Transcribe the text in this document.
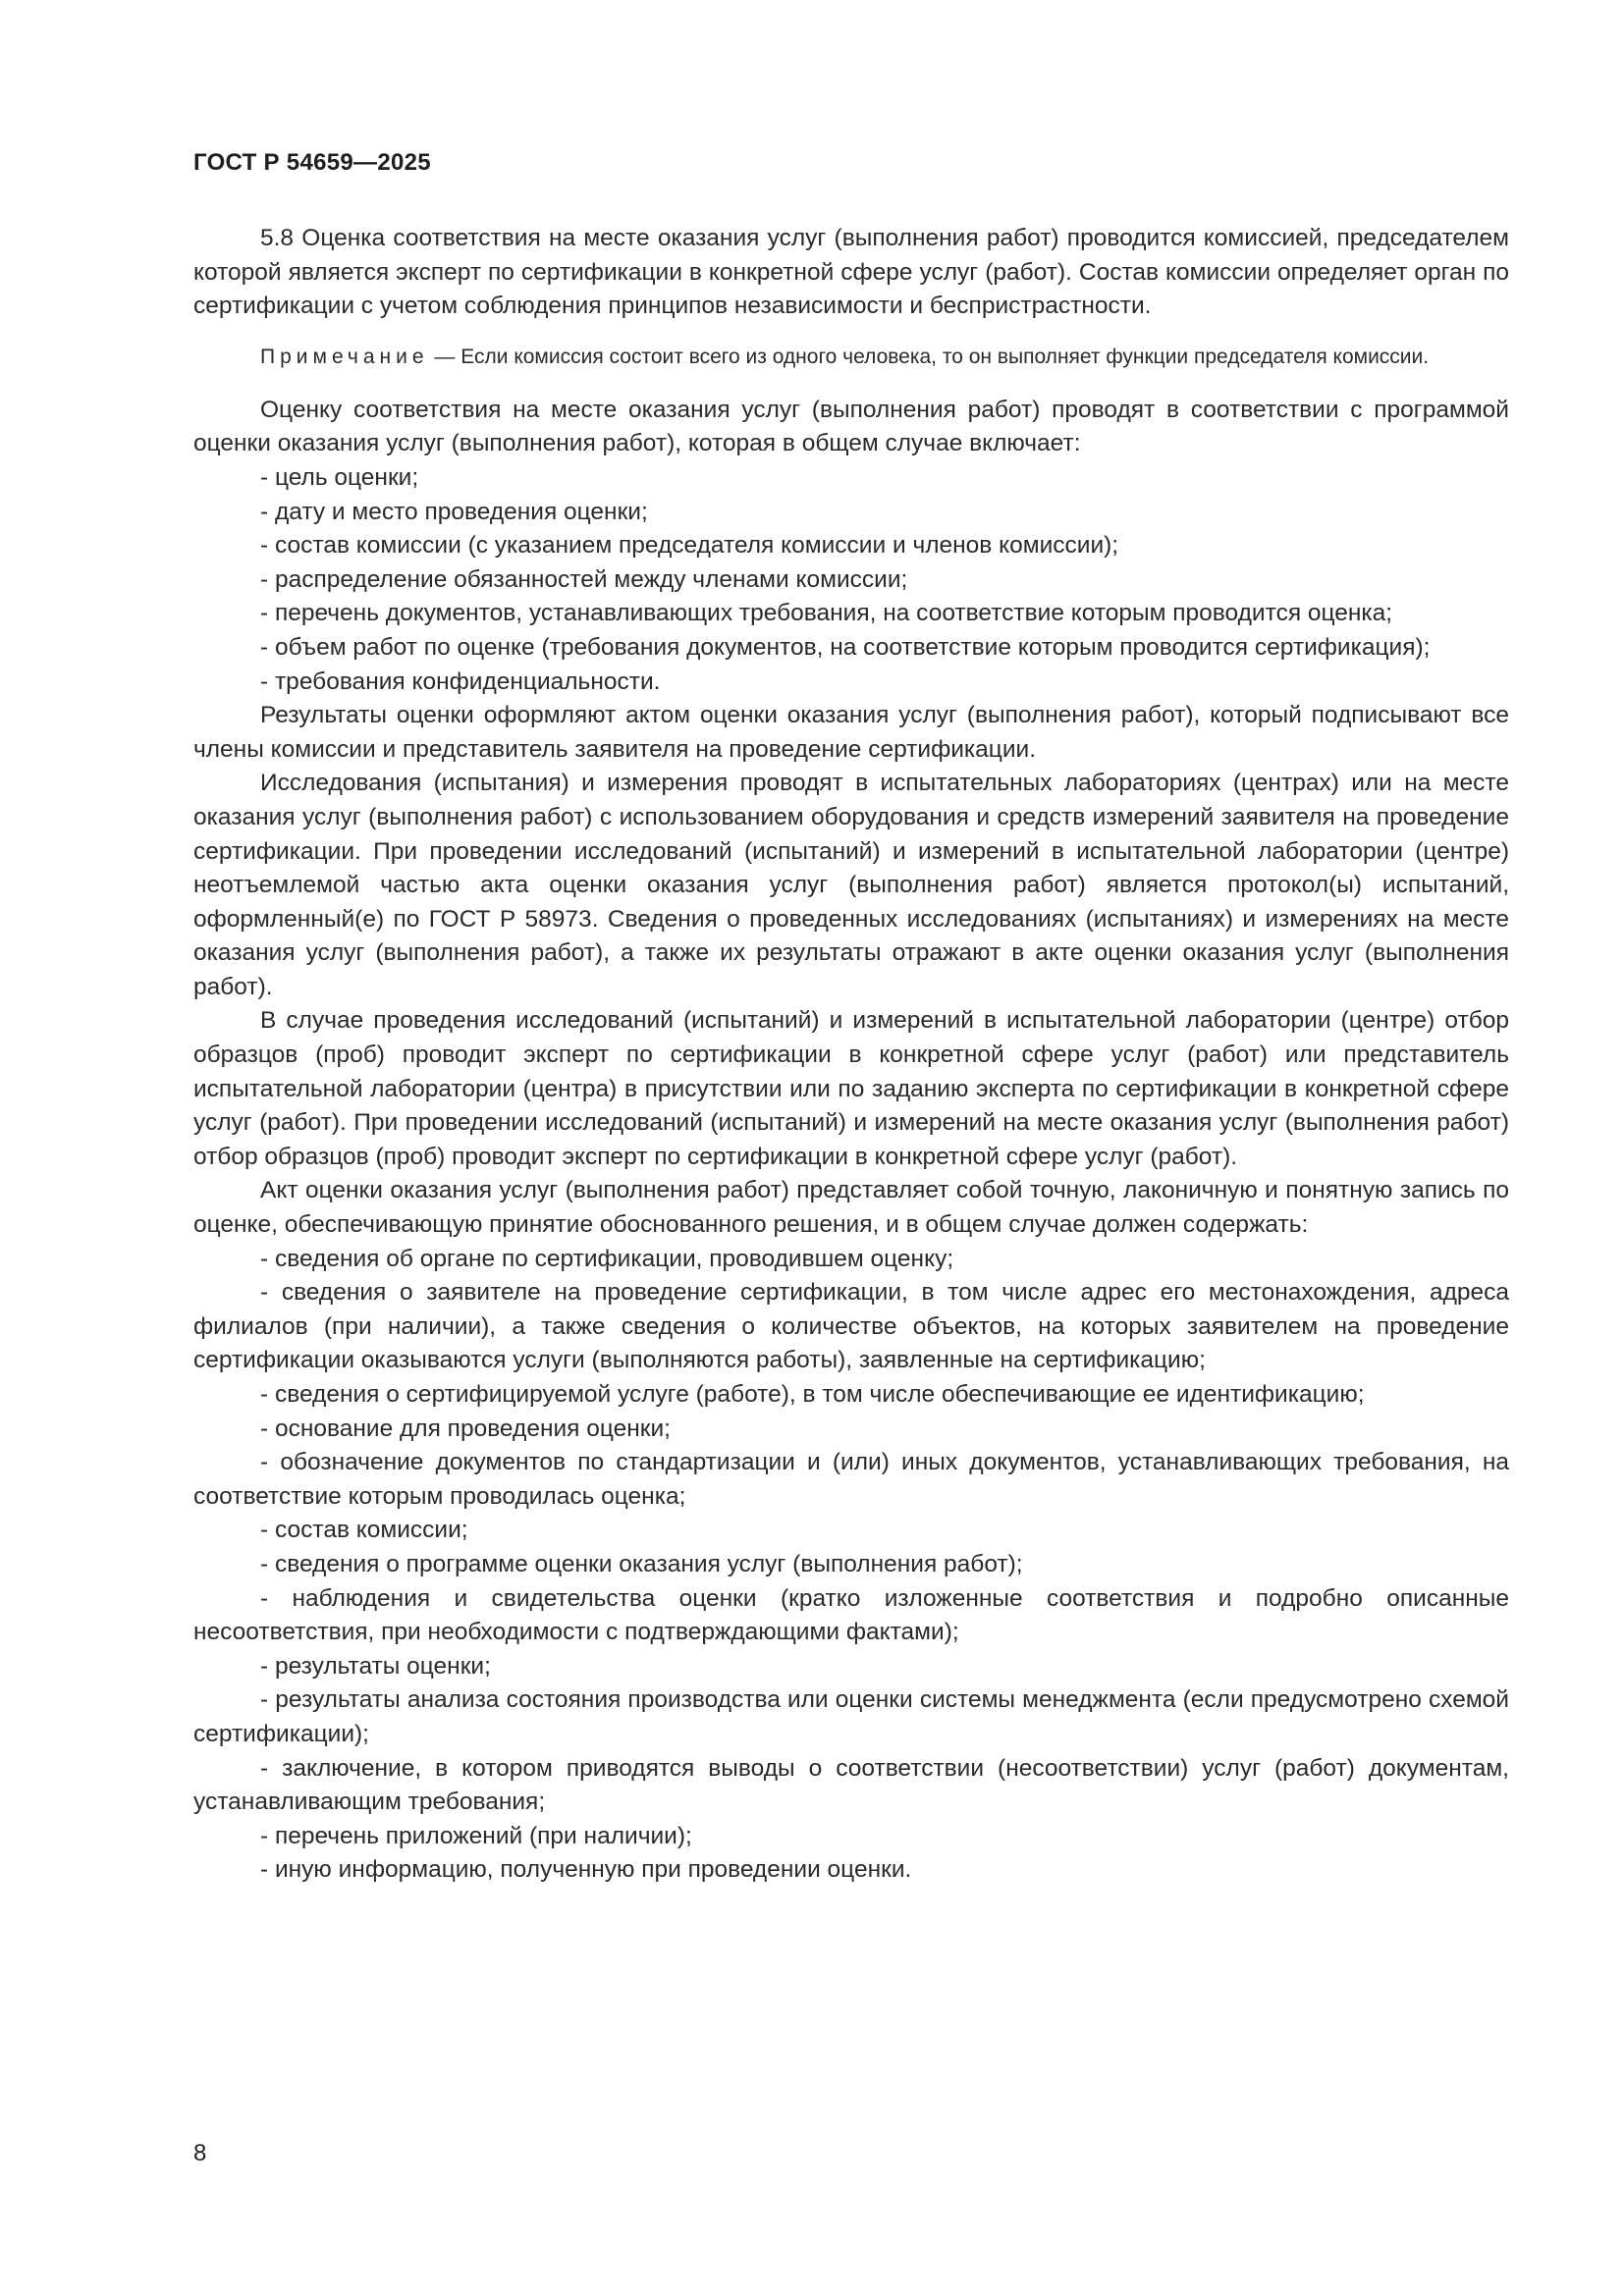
ГОСТ Р 54659—2025

5.8 Оценка соответствия на месте оказания услуг (выполнения работ) проводится комиссией, председателем которой является эксперт по сертификации в конкретной сфере услуг (работ). Состав комиссии определяет орган по сертификации с учетом соблюдения принципов независимости и беспристрастности.

Примечание — Если комиссия состоит всего из одного человека, то он выполняет функции председателя комиссии.

Оценку соответствия на месте оказания услуг (выполнения работ) проводят в соответствии с программой оценки оказания услуг (выполнения работ), которая в общем случае включает:

- цель оценки;

- дату и место проведения оценки;

- состав комиссии (с указанием председателя комиссии и членов комиссии);

- распределение обязанностей между членами комиссии;

- перечень документов, устанавливающих требования, на соответствие которым проводится оценка;

- объем работ по оценке (требования документов, на соответствие которым проводится сертификация);

- требования конфиденциальности.

Результаты оценки оформляют актом оценки оказания услуг (выполнения работ), который подписывают все члены комиссии и представитель заявителя на проведение сертификации.

Исследования (испытания) и измерения проводят в испытательных лабораториях (центрах) или на месте оказания услуг (выполнения работ) с использованием оборудования и средств измерений заявителя на проведение сертификации. При проведении исследований (испытаний) и измерений в испытательной лаборатории (центре) неотъемлемой частью акта оценки оказания услуг (выполнения работ) является протокол(ы) испытаний, оформленный(е) по ГОСТ Р 58973. Сведения о проведенных исследованиях (испытаниях) и измерениях на месте оказания услуг (выполнения работ), а также их результаты отражают в акте оценки оказания услуг (выполнения работ).

В случае проведения исследований (испытаний) и измерений в испытательной лаборатории (центре) отбор образцов (проб) проводит эксперт по сертификации в конкретной сфере услуг (работ) или представитель испытательной лаборатории (центра) в присутствии или по заданию эксперта по сертификации в конкретной сфере услуг (работ). При проведении исследований (испытаний) и измерений на месте оказания услуг (выполнения работ) отбор образцов (проб) проводит эксперт по сертификации в конкретной сфере услуг (работ).

Акт оценки оказания услуг (выполнения работ) представляет собой точную, лаконичную и понятную запись по оценке, обеспечивающую принятие обоснованного решения, и в общем случае должен содержать:

- сведения об органе по сертификации, проводившем оценку;

- сведения о заявителе на проведение сертификации, в том числе адрес его местонахождения, адреса филиалов (при наличии), а также сведения о количестве объектов, на которых заявителем на проведение сертификации оказываются услуги (выполняются работы), заявленные на сертификацию;

- сведения о сертифицируемой услуге (работе), в том числе обеспечивающие ее идентификацию;

- основание для проведения оценки;

- обозначение документов по стандартизации и (или) иных документов, устанавливающих требования, на соответствие которым проводилась оценка;

- состав комиссии;

- сведения о программе оценки оказания услуг (выполнения работ);

- наблюдения и свидетельства оценки (кратко изложенные соответствия и подробно описанные несоответствия, при необходимости с подтверждающими фактами);

- результаты оценки;

- результаты анализа состояния производства или оценки системы менеджмента (если предусмотрено схемой сертификации);

- заключение, в котором приводятся выводы о соответствии (несоответствии) услуг (работ) документам, устанавливающим требования;

- перечень приложений (при наличии);

- иную информацию, полученную при проведении оценки.

8
